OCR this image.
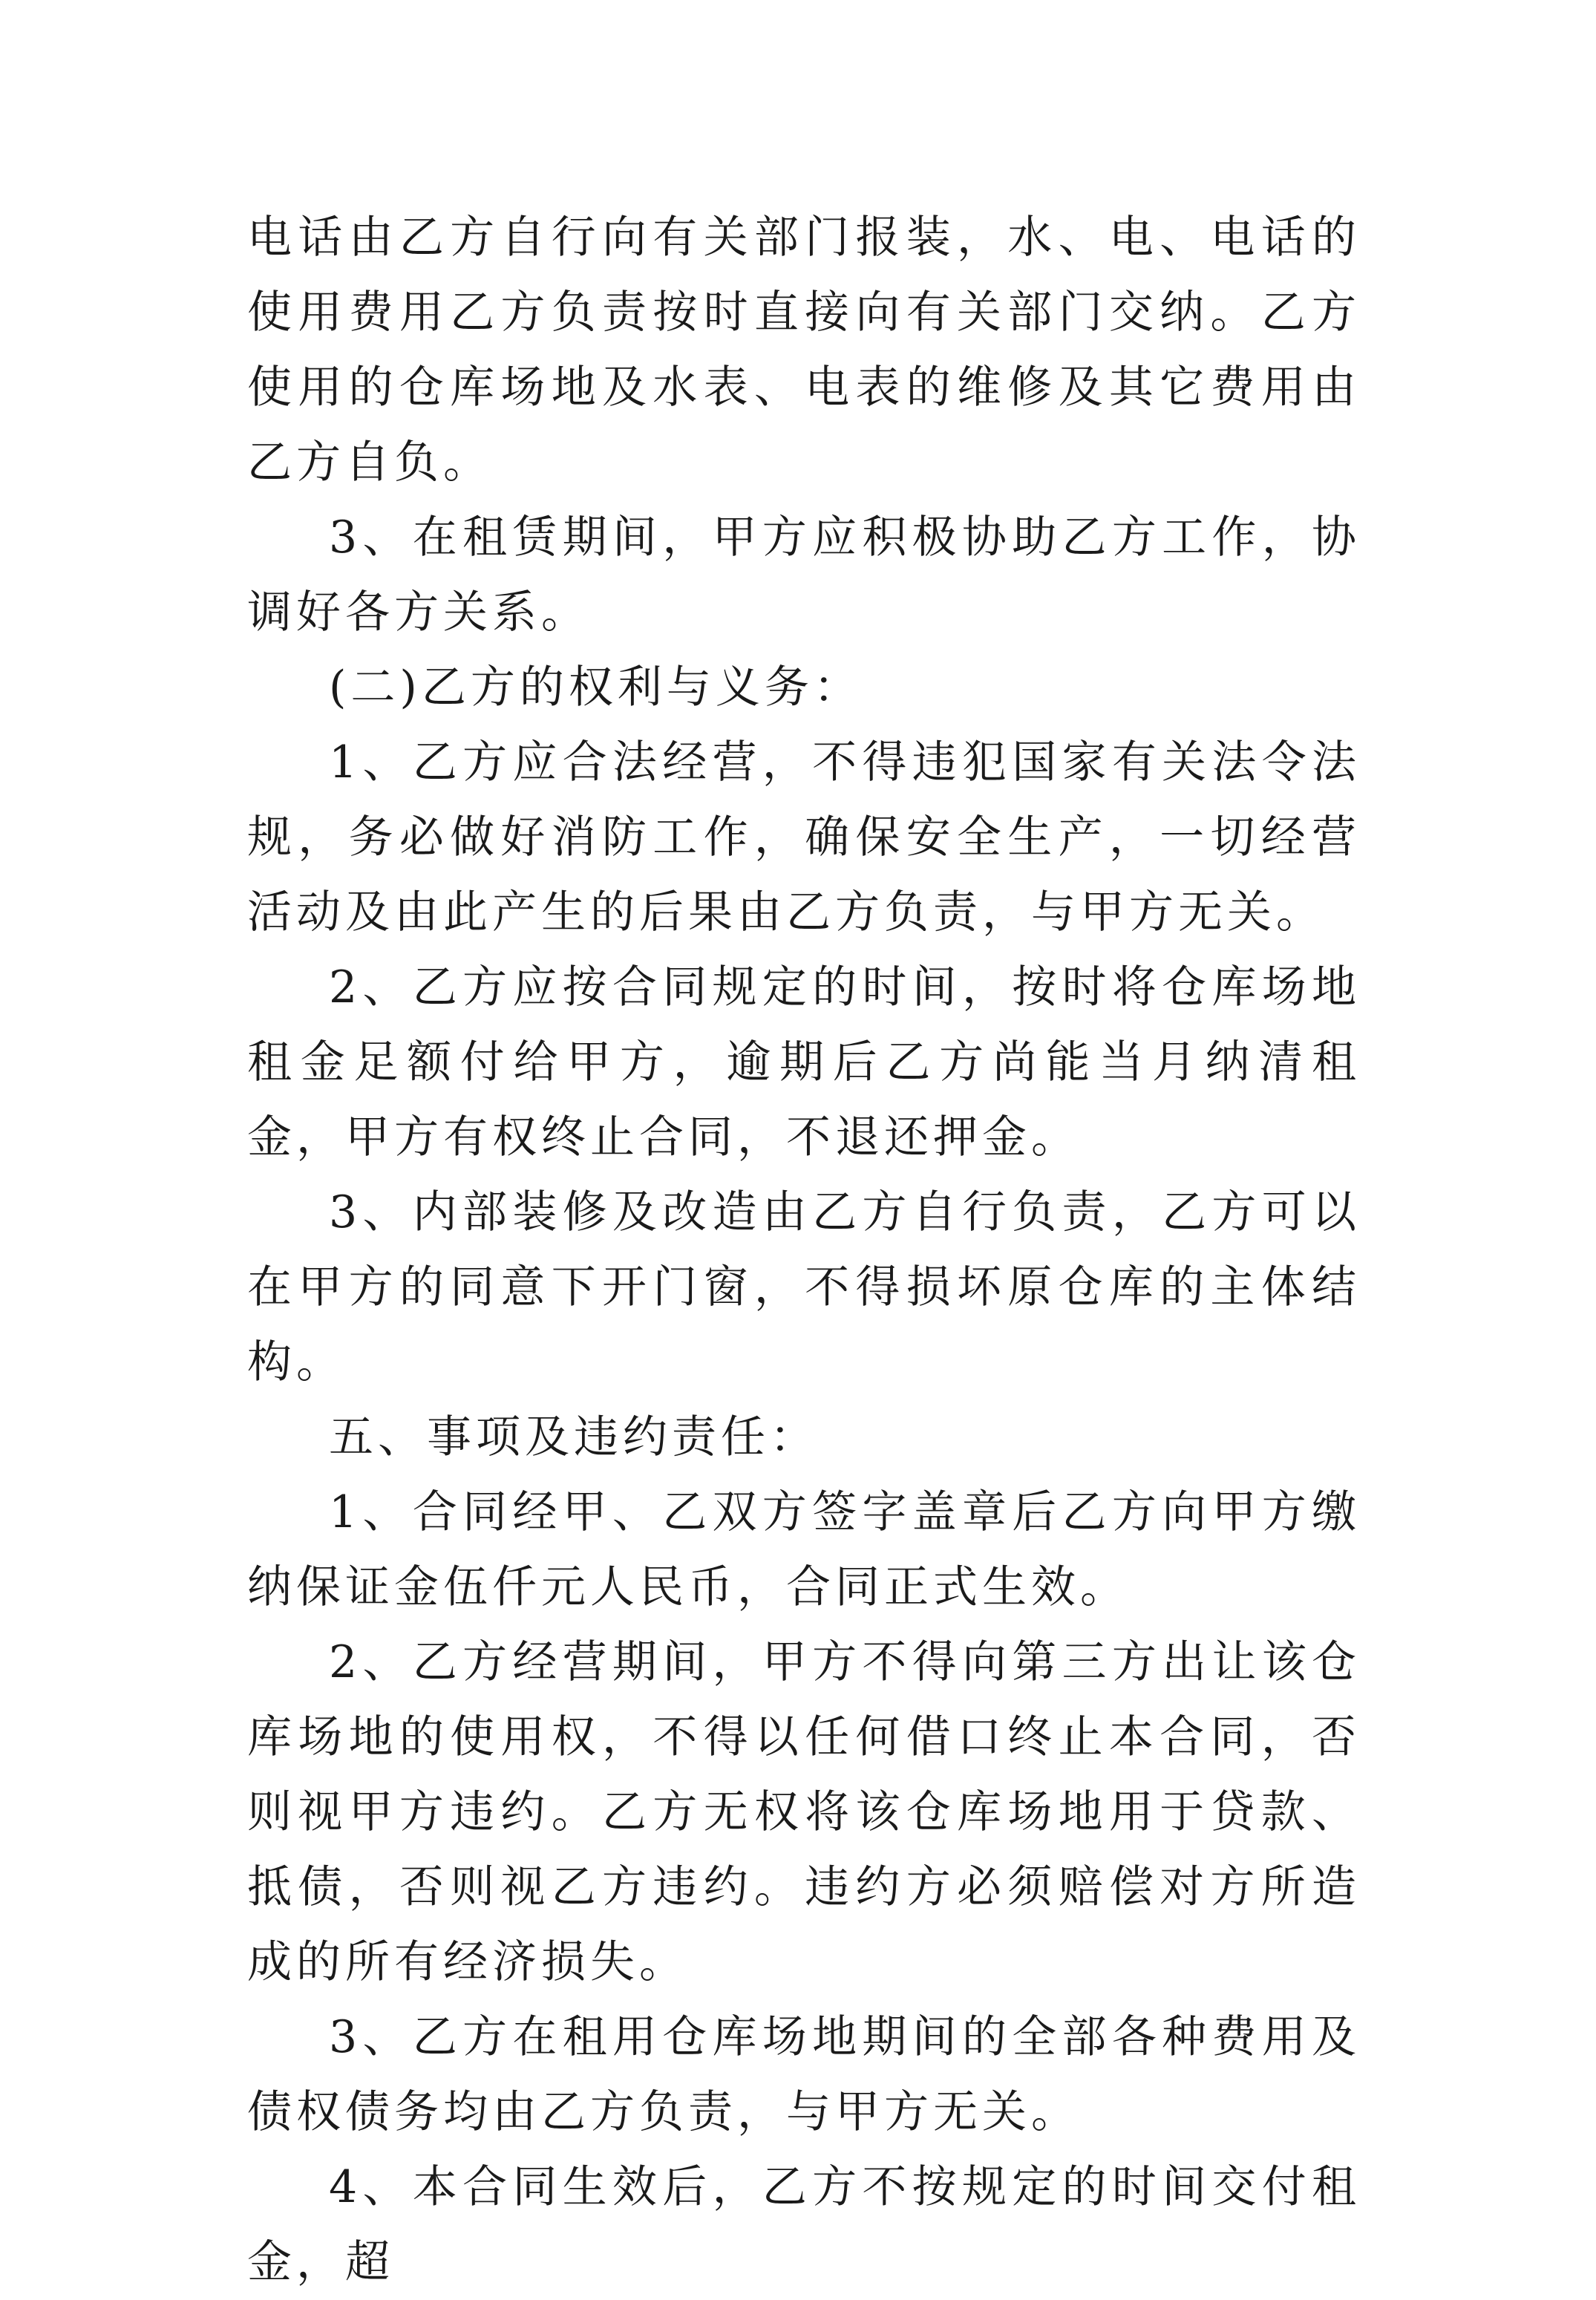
电话由乙方自行向有关部门报装，水、电、电话的使用费用乙方负责按时直接向有关部门交纳。乙方使用的仓库场地及水表、电表的维修及其它费用由乙方自负。

3、在租赁期间，甲方应积极协助乙方工作，协调好各方关系。

(二)乙方的权利与义务：

1、乙方应合法经营，不得违犯国家有关法令法规，务必做好消防工作，确保安全生产，一切经营活动及由此产生的后果由乙方负责，与甲方无关。

2、乙方应按合同规定的时间，按时将仓库场地租金足额付给甲方，逾期后乙方尚能当月纳清租金，甲方有权终止合同，不退还押金。

3、内部装修及改造由乙方自行负责，乙方可以在甲方的同意下开门窗，不得损坏原仓库的主体结构。

五、事项及违约责任：

1、合同经甲、乙双方签字盖章后乙方向甲方缴纳保证金伍仟元人民币，合同正式生效。

2、乙方经营期间，甲方不得向第三方出让该仓库场地的使用权，不得以任何借口终止本合同，否则视甲方违约。乙方无权将该仓库场地用于贷款、抵债，否则视乙方违约。违约方必须赔偿对方所造成的所有经济损失。

3、乙方在租用仓库场地期间的全部各种费用及债权债务均由乙方负责，与甲方无关。

4、本合同生效后，乙方不按规定的时间交付租金，超
